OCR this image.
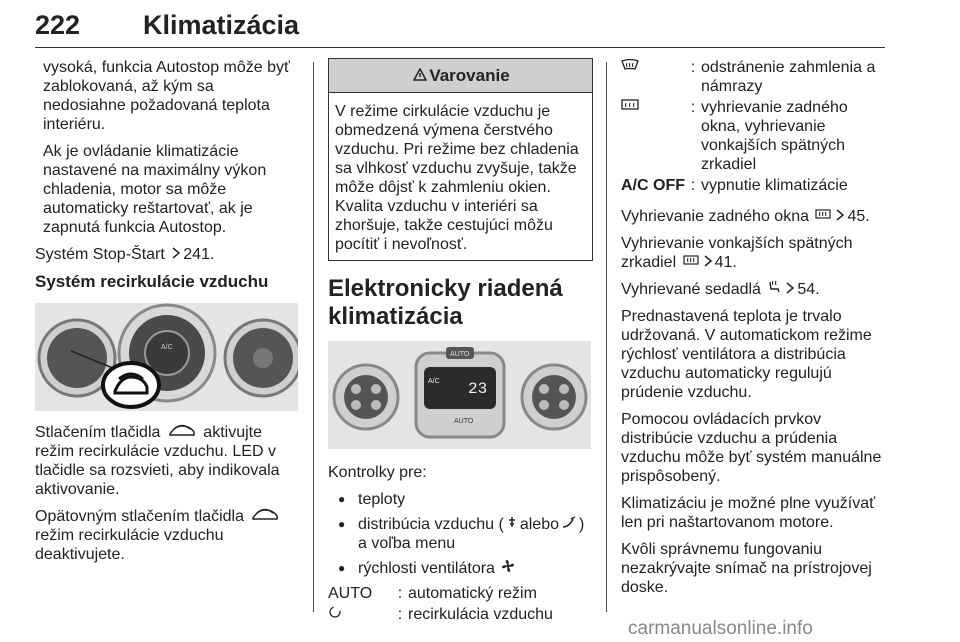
222 Klimatizácia

vysoká, funkcia Autostop môže byť zablokovaná, až kým sa nedosiahne požadovaná teplota interiéru.

Ak je ovládanie klimatizácie nastavené na maximálny výkon chladenia, motor sa môže automaticky reštartovať, ak je zapnutá funkcia Autostop.

Systém Stop-Štart 241.

Systém recirkulácie vzduchu
A/C

Stlačením tlačidla	aktivujte režim recirkulácie vzduchu. LED v tlačidle sa rozsvieti, aby indikovala aktivovanie.

Opätovným stlačením tlačidla  režim recirkulácie vzduchu deaktivujete.

Varovanie
V režime cirkulácie vzduchu je obmedzená výmena čerstvého vzduchu. Pri režime bez chladenia sa vlhkosť vzduchu zvyšuje, takže môže dôjsť k zahmleniu okien. Kvalita vzduchu v interiéri sa zhoršuje, takže cestujúci môžu pocítiť i nevoľnosť.
Elektronicky riadená klimatizácia
AUTO
A/C 23
AUTO

Kontrolky pre:

● teploty
● distribúcia vzduchu ( alebo ) a voľba menu
● rýchlosti ventilátora
AUTO	:	automatický režim
	:	recirkulácia vzduchu
	:	odstránenie zahmlenia a námrazy
	:	vyhrievanie zadného okna, vyhrievanie vonkajších spätných zrkadiel
A/C OFF	:	vypnutie klimatizácie

Vyhrievanie zadného okna 45.

Vyhrievanie vonkajších spätných zrkadiel 41.

Vyhrievané sedadlá 54.

Prednastavená teplota je trvalo udržovaná. V automatickom režime rýchlosť ventilátora a distribúcia vzduchu automaticky regulujú prúdenie vzduchu.

Pomocou ovládacích prvkov distribúcie vzduchu a prúdenia vzduchu môže byť systém manuálne prispôsobený.

Klimatizáciu je možné plne využívať len pri naštartovanom motore.

Kvôli správnemu fungovaniu nezakrývajte snímač na prístrojovej doske.

carmanualsonline.info
